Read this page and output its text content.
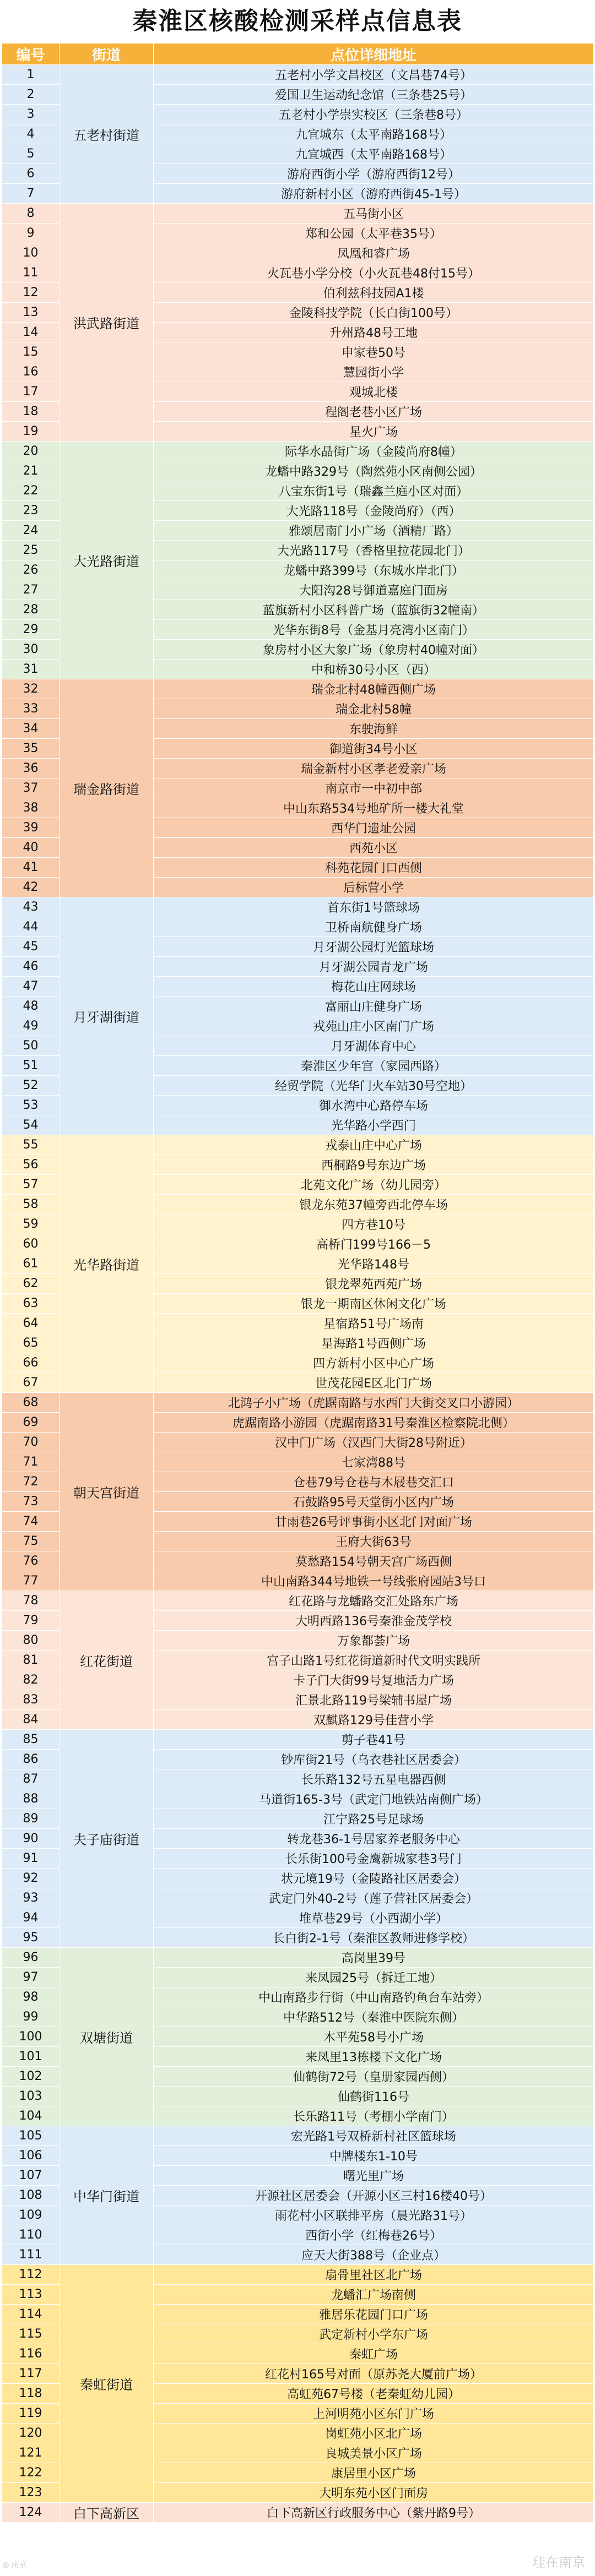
秦淮区核酸检测采样点信息表
编号	街道	点位详细地址
1	五老村街道	五老村小学文昌校区（文昌巷74号）
2		爱国卫生运动纪念馆（三条巷25号）
3		五老村小学崇实校区（三条巷8号）
4		九宜城东（太平南路168号）
5		九宜城西（太平南路168号）
6		游府西街小学（游府西街12号）
7		游府新村小区（游府西街45-1号）
8	洪武路街道	五马街小区
9		郑和公园（太平巷35号）
10		凤凰和睿广场
11		火瓦巷小学分校（小火瓦巷48付15号）
12		伯利兹科技园A1楼
13		金陵科技学院（长白街100号）
14		升州路48号工地
15		申家巷50号
16		慧园街小学
17		观城北楼
18		程阁老巷小区广场
19		星火广场
20	大光路街道	际华水晶街广场（金陵尚府8幢）
21		龙蟠中路329号（陶然苑小区南侧公园）
22		八宝东街1号（瑞鑫兰庭小区对面）
23		大光路118号（金陵尚府）（西）
24		雅颂居南门小广场（酒精厂路）
25		大光路117号（香格里拉花园北门）
26		龙蟠中路399号（东城水岸北门）
27		大阳沟28号御道嘉庭门面房
28		蓝旗新村小区科普广场（蓝旗街32幢南）
29		光华东街8号（金基月亮湾小区南门）
30		象房村小区大象广场（象房村40幢对面）
31		中和桥30号小区（西）
32	瑞金路街道	瑞金北村48幢西侧广场
33		瑞金北村58幢
34		东驶海鲜
35		御道街34号小区
36		瑞金新村小区孝老爱亲广场
37		南京市一中初中部
38		中山东路534号地矿所一楼大礼堂
39		西华门遗址公园
40		西苑小区
41		科苑花园门口西侧
42		后标营小学
43	月牙湖街道	首东街1号篮球场
44		卫桥南航健身广场
45		月牙湖公园灯光篮球场
46		月牙湖公园青龙广场
47		梅花山庄网球场
48		富丽山庄健身广场
49		戎苑山庄小区南门广场
50		月牙湖体育中心
51		秦淮区少年宫（家园西路）
52		经贸学院（光华门火车站30号空地）
53		御水湾中心路停车场
54		光华路小学西门
55	光华路街道	戎泰山庄中心广场
56		西桐路9号东边广场
57		北苑文化广场（幼儿园旁）
58		银龙东苑37幢旁西北停车场
59		四方巷10号
60		高桥门199号166－5
61		光华路148号
62		银龙翠苑西苑广场
63		银龙一期南区休闲文化广场
64		星宿路51号广场南
65		星海路1号西侧广场
66		四方新村小区中心广场
67		世茂花园E区北门广场
68	朝天宫街道	北鸿子小广场（虎踞南路与水西门大街交叉口小游园）
69		虎踞南路小游园（虎踞南路31号秦淮区检察院北侧）
70		汉中门广场（汉西门大街28号附近）
71		七家湾88号
72		仓巷79号仓巷与木屐巷交汇口
73		石鼓路95号天堂街小区内广场
74		甘雨巷26号评事街小区北门对面广场
75		王府大街63号
76		莫愁路154号朝天宫广场西侧
77		中山南路344号地铁一号线张府园站3号口
78	红花街道	红花路与龙蟠路交汇处路东广场
79		大明西路136号秦淮金茂学校
80		万象都荟广场
81		宫子山路1号红花街道新时代文明实践所
82		卡子门大街99号复地活力广场
83		汇景北路119号梁辅书屋广场
84		双麒路129号佳营小学
85	夫子庙街道	剪子巷41号
86		钞库街21号（乌衣巷社区居委会）
87		长乐路132号五星电器西侧
88		马道街165-3号（武定门地铁站南侧广场）
89		江宁路25号足球场
90		转龙巷36-1号居家养老服务中心
91		长乐街100号金鹰新城家巷3号门
92		状元境19号（金陵路社区居委会）
93		武定门外40-2号（莲子营社区居委会）
94		堆草巷29号（小西湖小学）
95		长白街2-1号（秦淮区教师进修学校）
96	双塘街道	高岗里39号
97		来凤园25号（拆迁工地）
98		中山南路步行街（中山南路钓鱼台车站旁）
99		中华路512号（秦淮中医院东侧）
100		木平苑58号小广场
101		来凤里13栋楼下文化广场
102		仙鹤街72号（皇册家园西侧）
103		仙鹤街116号
104		长乐路11号（考棚小学南门）
105	中华门街道	宏光路1号双桥新村社区篮球场
106		中牌楼东1-10号
107		曙光里广场
108		开源社区居委会（开源小区三村16楼40号）
109		雨花村小区联排平房（晨光路31号）
110		西街小学（红梅巷26号）
111		应天大街388号（企业点）
112	秦虹街道	扇骨里社区北广场
113		龙蟠汇广场南侧
114		雅居乐花园门口广场
115		武定新村小学东广场
116		秦虹广场
117		红花村165号对面（原苏尧大厦前广场）
118		高虹苑67号楼（老秦虹幼儿园）
119		上河明苑小区东门广场
120		岗虹苑小区北广场
121		良城美景小区广场
122		康居里小区广场
123		大明东苑小区门面房
124	白下高新区	白下高新区行政服务中心（紫丹路9号）
珪在南京
◎ 南京
